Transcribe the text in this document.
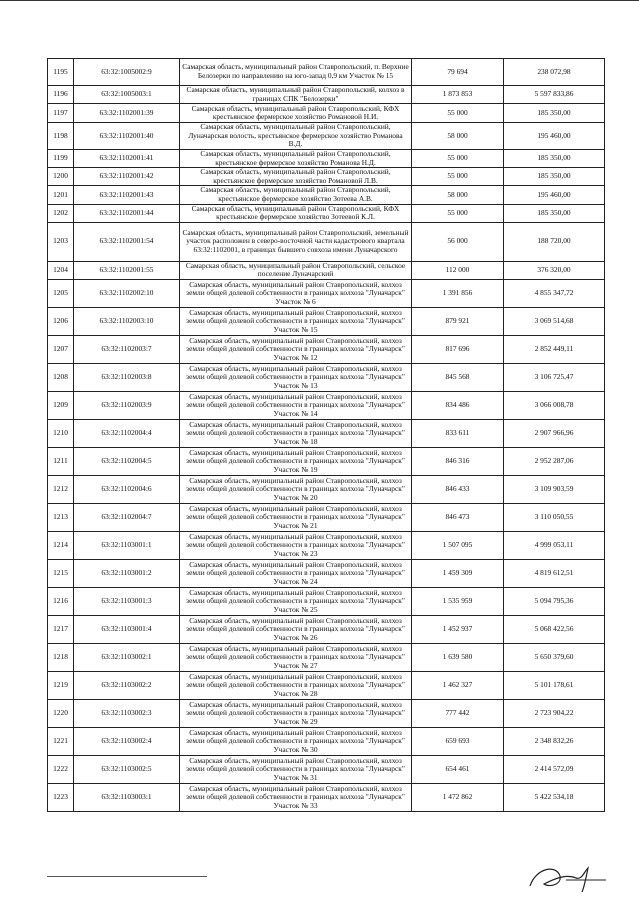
1195	63:32:1005002:9	Самарская область, муниципальный район Ставропольский, п. Верхние Белозерки по направлению на юго-запад 0,9 км Участок № 15	79 694	238 072,98
1196	63:32:1005003:1	Самарская область, муниципальный район Ставропольский, колхоз в границах СПК "Белозерки"	1 873 853	5 597 833,86
1197	63:32:1102001:39	Самарская область, муниципальный район Ставропольский, КФХ крестьянское фермерское хозяйство Романовой Н.И.	55 000	185 350,00
1198	63:32:1102001:40	Самарская область, муниципальный район Ставропольский, Луначарская волость, крестьянское фермерское хозяйство Романова В.Д.	58 000	195 460,00
1199	63:32:1102001:41	Самарская область, муниципальный район Ставропольский, крестьянское фермерское хозяйство Романова Н.Д.	55 000	185 350,00
1200	63:32:1102001:42	Самарская область, муниципальный район Ставропольский, крестьянское фермерское хозяйство Романовой Л.В.	55 000	185 350,00
1201	63:32:1102001:43	Самарская область, муниципальный район Ставропольский, крестьянское фермерское хозяйство Зотеева А.В.	58 000	195 460,00
1202	63:32:1102001:44	Самарская область, муниципальный район Ставропольский, КФХ крестьянское фермерское хозяйство Зотеевой К.Л.	55 000	185 350,00
1203	63:32:1102001:54	Самарская область, муниципальный район Ставропольский, земельный участок расположен в северо-восточной части кадастрового квартала 63:32:1102001, в границах бывшего совхоза имени Луначарского	56 000	188 720,00
1204	63:32:1102001:55	Самарская область, муниципальный район Ставропольский, сельское поселение Луначарский	112 000	376 320,00
1205	63:32:1102002:10	Самарская область, муниципальный район Ставропольский, колхоз земли общей долевой собственности в границах колхоза "Луначарск" Участок № 6	1 391 856	4 855 347,72
1206	63:32:1102003:10	Самарская область, муниципальный район Ставропольский, колхоз земли общей долевой собственности в границах колхоза "Луначарск" Участок № 15	879 921	3 069 514,68
1207	63:32:1102003:7	Самарская область, муниципальный район Ставропольский, колхоз земли общей долевой собственности в границах колхоза "Луначарск" Участок № 12	817 696	2 852 449,11
1208	63:32:1102003:8	Самарская область, муниципальный район Ставропольский, колхоз земли общей долевой собственности в границах колхоза "Луначарск" Участок № 13	845 568	3 106 725,47
1209	63:32:1102003:9	Самарская область, муниципальный район Ставропольский, колхоз земли общей долевой собственности в границах колхоза "Луначарск" Участок № 14	834 486	3 066 008,78
1210	63:32:1102004:4	Самарская область, муниципальный район Ставропольский, колхоз земли общей долевой собственности в границах колхоза "Луначарск" Участок № 18	833 611	2 907 966,96
1211	63:32:1102004:5	Самарская область, муниципальный район Ставропольский, колхоз земли общей долевой собственности в границах колхоза "Луначарск" Участок № 19	846 316	2 952 287,06
1212	63:32:1102004:6	Самарская область, муниципальный район Ставропольский, колхоз земли общей долевой собственности в границах колхоза "Луначарск" Участок № 20	846 433	3 109 903,59
1213	63:32:1102004:7	Самарская область, муниципальный район Ставропольский, колхоз земли общей долевой собственности в границах колхоза "Луначарск" Участок № 21	846 473	3 110 050,55
1214	63:32:1103001:1	Самарская область, муниципальный район Ставропольский, колхоз земли общей долевой собственности в границах колхоза "Луначарск" Участок № 23	1 507 095	4 999 053,11
1215	63:32:1103001:2	Самарская область, муниципальный район Ставропольский, колхоз земли общей долевой собственности в границах колхоза "Луначарск" Участок № 24	1 459 309	4 819 612,51
1216	63:32:1103001:3	Самарская область, муниципальный район Ставропольский, колхоз земли общей долевой собственности в границах колхоза "Луначарск" Участок № 25	1 535 959	5 094 795,36
1217	63:32:1103001:4	Самарская область, муниципальный район Ставропольский, колхоз земли общей долевой собственности в границах колхоза "Луначарск" Участок № 26	1 452 937	5 068 422,56
1218	63:32:1103002:1	Самарская область, муниципальный район Ставропольский, колхоз земли общей долевой собственности в границах колхоза "Луначарск" Участок № 27	1 639 580	5 650 379,60
1219	63:32:1103002:2	Самарская область, муниципальный район Ставропольский, колхоз земли общей долевой собственности в границах колхоза "Луначарск" Участок № 28	1 462 327	5 101 178,61
1220	63:32:1103002:3	Самарская область, муниципальный район Ставропольский, колхоз земли общей долевой собственности в границах колхоза "Луначарск" Участок № 29	777 442	2 723 904,22
1221	63:32:1103002:4	Самарская область, муниципальный район Ставропольский, колхоз земли общей долевой собственности в границах колхоза "Луначарск" Участок № 30	659 693	2 348 832,26
1222	63:32:1103002:5	Самарская область, муниципальный район Ставропольский, колхоз земли общей долевой собственности в границах колхоза "Луначарск" Участок № 31	654 461	2 414 572,09
1223	63:32:1103003:1	Самарская область, муниципальный район Ставропольский, колхоз земли общей долевой собственности в границах колхоза "Луначарск" Участок № 33	1 472 862	5 422 534,18
